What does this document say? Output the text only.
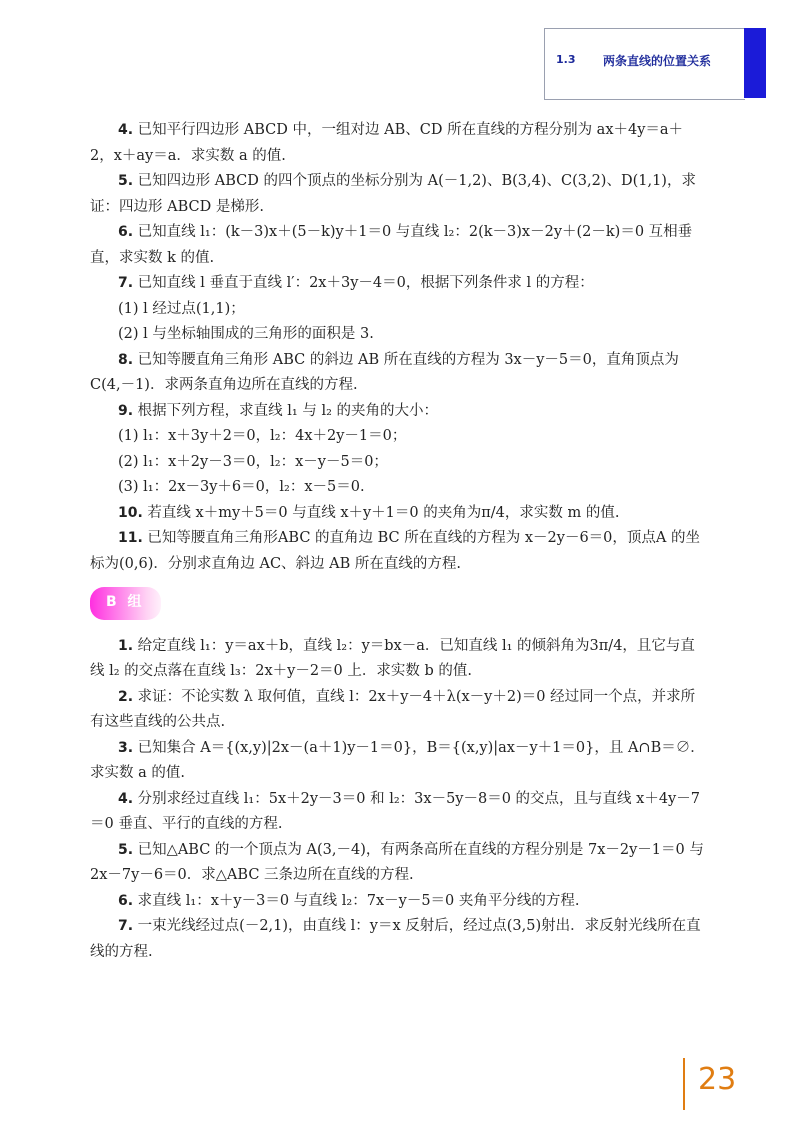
1.3 两条直线的位置关系

4. 已知平行四边形 ABCD 中，一组对边 AB、CD 所在直线的方程分别为 ax＋4y＝a＋2，x＋ay＝a．求实数 a 的值.

5. 已知四边形 ABCD 的四个顶点的坐标分别为 A(－1,2)、B(3,4)、C(3,2)、D(1,1)，求证：四边形 ABCD 是梯形.

6. 已知直线 l₁：(k－3)x＋(5－k)y＋1＝0 与直线 l₂：2(k－3)x－2y＋(2－k)＝0 互相垂直，求实数 k 的值.

7. 已知直线 l 垂直于直线 l′：2x＋3y－4＝0，根据下列条件求 l 的方程：

(1) l 经过点(1,1)；

(2) l 与坐标轴围成的三角形的面积是 3.

8. 已知等腰直角三角形 ABC 的斜边 AB 所在直线的方程为 3x－y－5＝0，直角顶点为C(4,－1)．求两条直角边所在直线的方程.

9. 根据下列方程，求直线 l₁ 与 l₂ 的夹角的大小：

(1) l₁：x＋3y＋2＝0，l₂：4x＋2y－1＝0；

(2) l₁：x＋2y－3＝0，l₂：x－y－5＝0；

(3) l₁：2x－3y＋6＝0，l₂：x－5＝0.

10. 若直线 x＋my＋5＝0 与直线 x＋y＋1＝0 的夹角为π/4，求实数 m 的值.

11. 已知等腰直角三角形ABC 的直角边 BC 所在直线的方程为 x－2y－6＝0，顶点A 的坐标为(0,6)．分别求直角边 AC、斜边 AB 所在直线的方程.

B 组

1. 给定直线 l₁：y＝ax＋b，直线 l₂：y＝bx－a．已知直线 l₁ 的倾斜角为3π/4，且它与直线 l₂ 的交点落在直线 l₃：2x＋y－2＝0 上．求实数 b 的值.

2. 求证：不论实数 λ 取何值，直线 l：2x＋y－4＋λ(x－y＋2)＝0 经过同一个点，并求所有这些直线的公共点.

3. 已知集合 A＝{(x,y)|2x－(a＋1)y－1＝0}，B＝{(x,y)|ax－y＋1＝0}，且 A∩B＝∅．求实数 a 的值.

4. 分别求经过直线 l₁：5x＋2y－3＝0 和 l₂：3x－5y－8＝0 的交点，且与直线 x＋4y－7＝0 垂直、平行的直线的方程.

5. 已知△ABC 的一个顶点为 A(3,－4)，有两条高所在直线的方程分别是 7x－2y－1＝0 与 2x－7y－6＝0．求△ABC 三条边所在直线的方程.

6. 求直线 l₁：x＋y－3＝0 与直线 l₂：7x－y－5＝0 夹角平分线的方程.

7. 一束光线经过点(－2,1)，由直线 l：y＝x 反射后，经过点(3,5)射出．求反射光线所在直线的方程.

23
